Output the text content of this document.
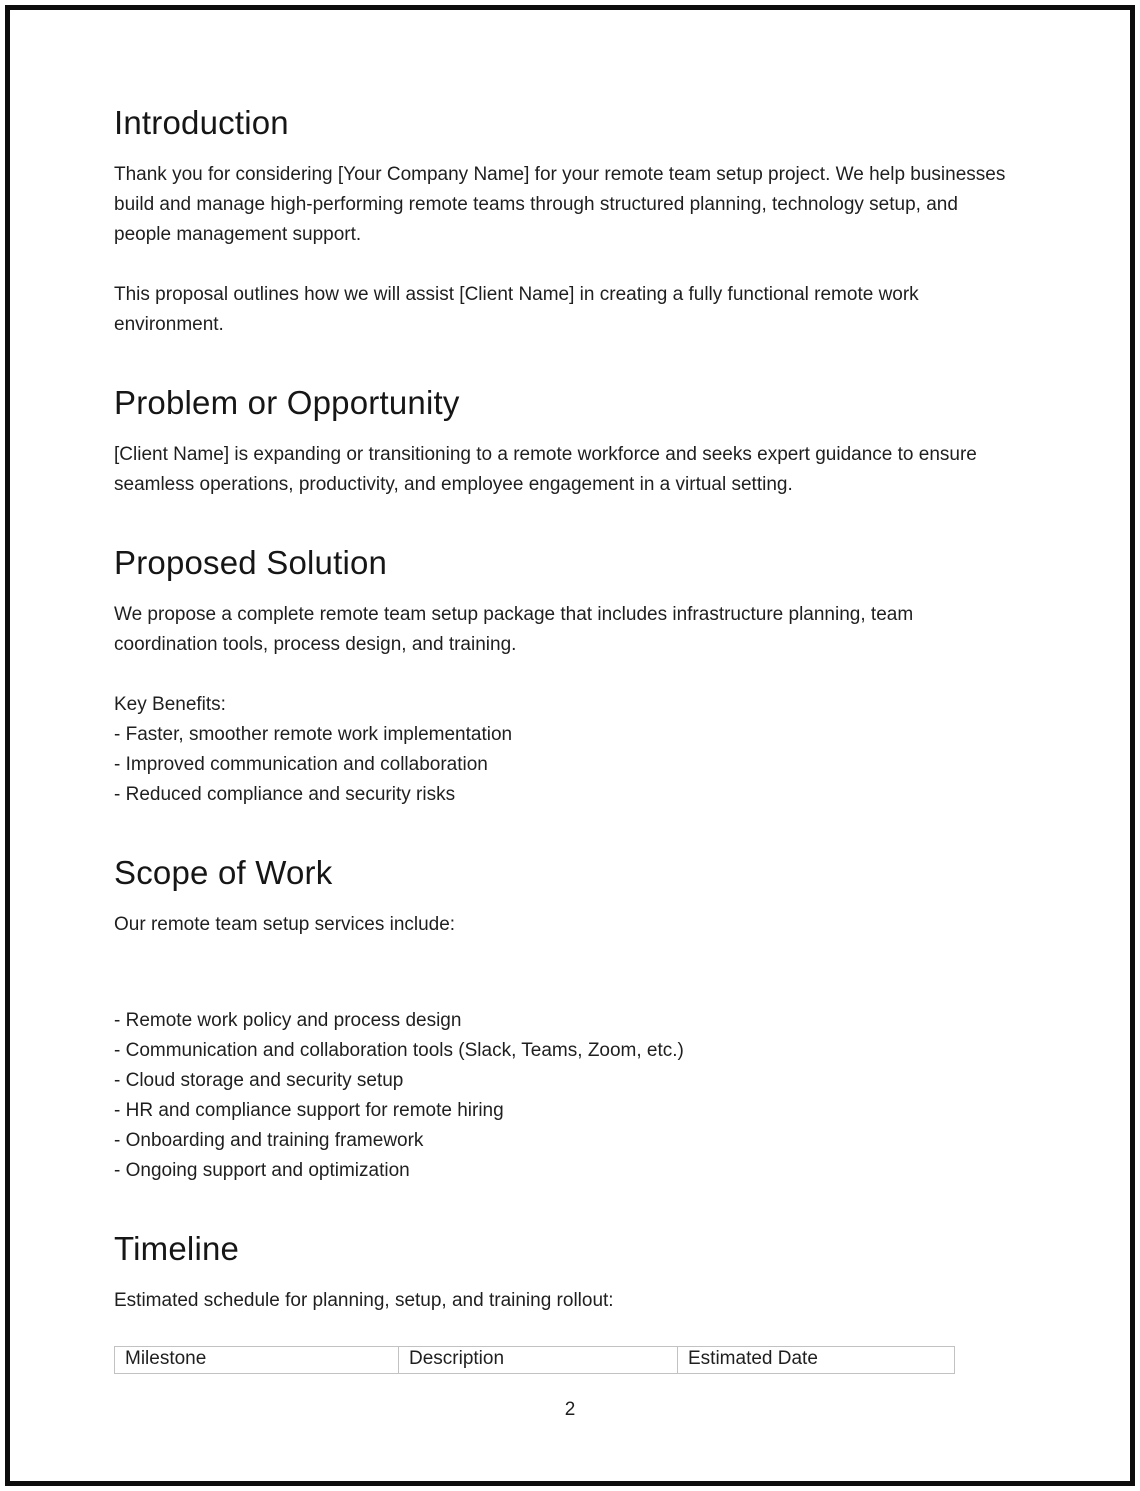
Introduction

Thank you for considering [Your Company Name] for your remote team setup project. We help businesses build and manage high-performing remote teams through structured planning, technology setup, and people management support.

This proposal outlines how we will assist [Client Name] in creating a fully functional remote work environment.

Problem or Opportunity

[Client Name] is expanding or transitioning to a remote workforce and seeks expert guidance to ensure seamless operations, productivity, and employee engagement in a virtual setting.

Proposed Solution

We propose a complete remote team setup package that includes infrastructure planning, team coordination tools, process design, and training.

Key Benefits:
- Faster, smoother remote work implementation
- Improved communication and collaboration
- Reduced compliance and security risks
Scope of Work

Our remote team setup services include:

- Remote work policy and process design
- Communication and collaboration tools (Slack, Teams, Zoom, etc.)
- Cloud storage and security setup
- HR and compliance support for remote hiring
- Onboarding and training framework
- Ongoing support and optimization
Timeline

Estimated schedule for planning, setup, and training rollout:

Milestone	Description	Estimated Date
2
